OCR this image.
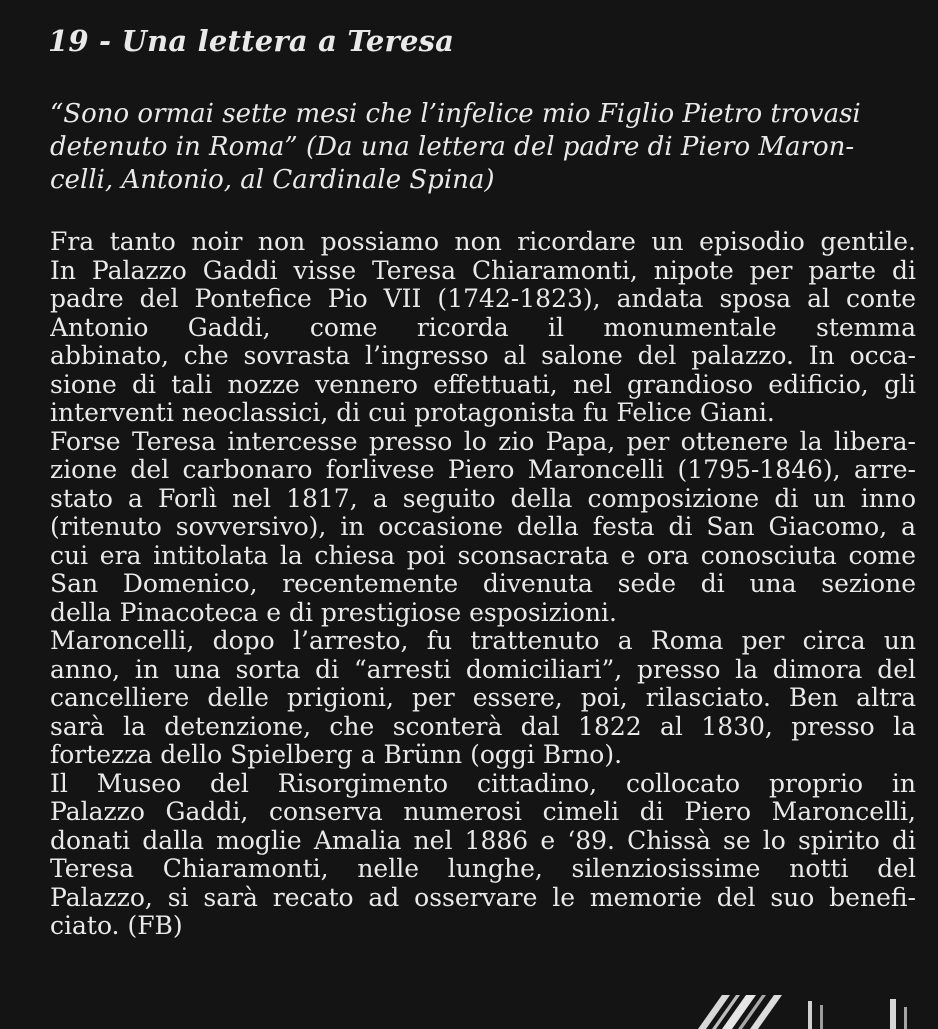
19 - Una lettera a Teresa

“Sono ormai sette mesi che l’infelice mio Figlio Pietro trovasi
detenuto in Roma” (Da una lettera del padre di Piero Maron-
celli, Antonio, al Cardinale Spina)

Fra tanto noir non possiamo non ricordare un episodio gentile.
In Palazzo Gaddi visse Teresa Chiaramonti, nipote per parte di
padre del Pontefice Pio VII (1742-1823), andata sposa al conte
Antonio Gaddi, come ricorda il monumentale stemma
abbinato, che sovrasta l’ingresso al salone del palazzo. In occa-
sione di tali nozze vennero effettuati, nel grandioso edificio, gli
interventi neoclassici, di cui protagonista fu Felice Giani.
Forse Teresa intercesse presso lo zio Papa, per ottenere la libera-
zione del carbonaro forlivese Piero Maroncelli (1795-1846), arre-
stato a Forlì nel 1817, a seguito della composizione di un inno
(ritenuto sovversivo), in occasione della festa di San Giacomo, a
cui era intitolata la chiesa poi sconsacrata e ora conosciuta come
San Domenico, recentemente divenuta sede di una sezione
della Pinacoteca e di prestigiose esposizioni.
Maroncelli, dopo l’arresto, fu trattenuto a Roma per circa un
anno, in una sorta di “arresti domiciliari”, presso la dimora del
cancelliere delle prigioni, per essere, poi, rilasciato. Ben altra
sarà la detenzione, che sconterà dal 1822 al 1830, presso la
fortezza dello Spielberg a Brünn (oggi Brno).
Il Museo del Risorgimento cittadino, collocato proprio in
Palazzo Gaddi, conserva numerosi cimeli di Piero Maroncelli,
donati dalla moglie Amalia nel 1886 e ‘89. Chissà se lo spirito di
Teresa Chiaramonti, nelle lunghe, silenziosissime notti del
Palazzo, si sarà recato ad osservare le memorie del suo benefi-
ciato. (FB)
